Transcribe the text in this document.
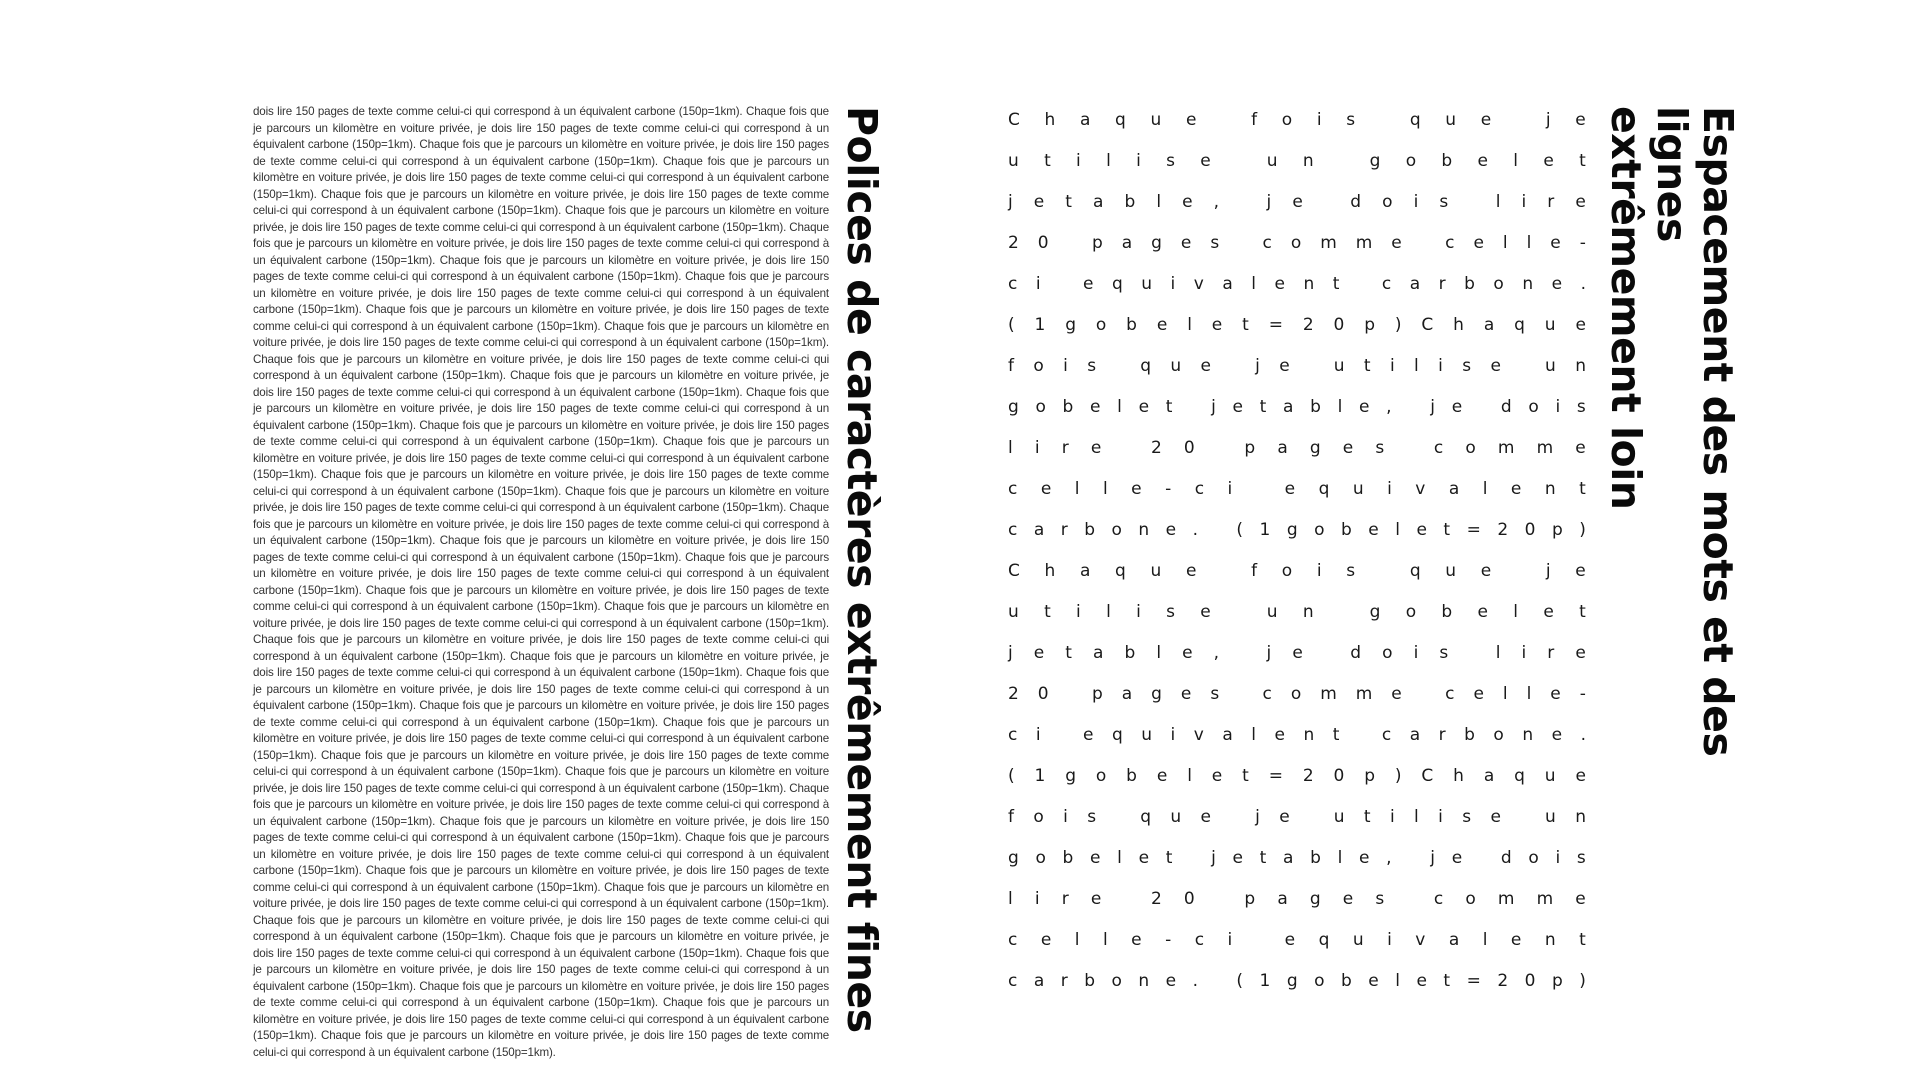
dois lire 150 pages de texte comme celui-ci qui correspond à un équivalent carbone (150p=1km). Chaque fois que je parcours un kilomètre en voiture privée, je dois lire 150 pages de texte comme celui-ci qui correspond à un équivalent carbone (150p=1km). Chaque fois que je parcours un kilomètre en voiture privée, je dois lire 150 pages de texte comme celui-ci qui correspond à un équivalent carbone (150p=1km). Chaque fois que je parcours un kilomètre en voiture privée, je dois lire 150 pages de texte comme celui-ci qui correspond à un équivalent carbone (150p=1km). Chaque fois que je parcours un kilomètre en voiture privée, je dois lire 150 pages de texte comme celui-ci qui correspond à un équivalent carbone (150p=1km). Chaque fois que je parcours un kilomètre en voiture privée, je dois lire 150 pages de texte comme celui-ci qui correspond à un équivalent carbone (150p=1km). Chaque fois que je parcours un kilomètre en voiture privée, je dois lire 150 pages de texte comme celui-ci qui correspond à un équivalent carbone (150p=1km). Chaque fois que je parcours un kilomètre en voiture privée, je dois lire 150 pages de texte comme celui-ci qui correspond à un équivalent carbone (150p=1km). Chaque fois que je parcours un kilomètre en voiture privée, je dois lire 150 pages de texte comme celui-ci qui correspond à un équivalent carbone (150p=1km). Chaque fois que je parcours un kilomètre en voiture privée, je dois lire 150 pages de texte comme celui-ci qui correspond à un équivalent carbone (150p=1km). Chaque fois que je parcours un kilomètre en voiture privée, je dois lire 150 pages de texte comme celui-ci qui correspond à un équivalent carbone (150p=1km). Chaque fois que je parcours un kilomètre en voiture privée, je dois lire 150 pages de texte comme celui-ci qui correspond à un équivalent carbone (150p=1km). Chaque fois que je parcours un kilomètre en voiture privée, je dois lire 150 pages de texte comme celui-ci qui correspond à un équivalent carbone (150p=1km). Chaque fois que je parcours un kilomètre en voiture privée, je dois lire 150 pages de texte comme celui-ci qui correspond à un équivalent carbone (150p=1km). Chaque fois que je parcours un kilomètre en voiture privée, je dois lire 150 pages de texte comme celui-ci qui correspond à un équivalent carbone (150p=1km). Chaque fois que je parcours un kilomètre en voiture privée, je dois lire 150 pages de texte comme celui-ci qui correspond à un équivalent carbone (150p=1km). Chaque fois que je parcours un kilomètre en voiture privée, je dois lire 150 pages de texte comme celui-ci qui correspond à un équivalent carbone (150p=1km). Chaque fois que je parcours un kilomètre en voiture privée, je dois lire 150 pages de texte comme celui-ci qui correspond à un équivalent carbone (150p=1km). Chaque fois que je parcours un kilomètre en voiture privée, je dois lire 150 pages de texte comme celui-ci qui correspond à un équivalent carbone (150p=1km). Chaque fois que je parcours un kilomètre en voiture privée, je dois lire 150 pages de texte comme celui-ci qui correspond à un équivalent carbone (150p=1km). Chaque fois que je parcours un kilomètre en voiture privée, je dois lire 150 pages de texte comme celui-ci qui correspond à un équivalent carbone (150p=1km). Chaque fois que je parcours un kilomètre en voiture privée, je dois lire 150 pages de texte comme celui-ci qui correspond à un équivalent carbone (150p=1km). Chaque fois que je parcours un kilomètre en voiture privée, je dois lire 150 pages de texte comme celui-ci qui correspond à un équivalent carbone (150p=1km). Chaque fois que je parcours un kilomètre en voiture privée, je dois lire 150 pages de texte comme celui-ci qui correspond à un équivalent carbone (150p=1km). Chaque fois que je parcours un kilomètre en voiture privée, je dois lire 150 pages de texte comme celui-ci qui correspond à un équivalent carbone (150p=1km). Chaque fois que je parcours un kilomètre en voiture privée, je dois lire 150 pages de texte comme celui-ci qui correspond à un équivalent carbone (150p=1km). Chaque fois que je parcours un kilomètre en voiture privée, je dois lire 150 pages de texte comme celui-ci qui correspond à un équivalent carbone (150p=1km). Chaque fois que je parcours un kilomètre en voiture privée, je dois lire 150 pages de texte comme celui-ci qui correspond à un équivalent carbone (150p=1km). Chaque fois que je parcours un kilomètre en voiture privée, je dois lire 150 pages de texte comme celui-ci qui correspond à un équivalent carbone (150p=1km). Chaque fois que je parcours un kilomètre en voiture privée, je dois lire 150 pages de texte comme celui-ci qui correspond à un équivalent carbone (150p=1km). Chaque fois que je parcours un kilomètre en voiture privée, je dois lire 150 pages de texte comme celui-ci qui correspond à un équivalent carbone (150p=1km). Chaque fois que je parcours un kilomètre en voiture privée, je dois lire 150 pages de texte comme celui-ci qui correspond à un équivalent carbone (150p=1km). Chaque fois que je parcours un kilomètre en voiture privée, je dois lire 150 pages de texte comme celui-ci qui correspond à un équivalent carbone (150p=1km). Chaque fois que je parcours un kilomètre en voiture privée, je dois lire 150 pages de texte comme celui-ci qui correspond à un équivalent carbone (150p=1km). Chaque fois que je parcours un kilomètre en voiture privée, je dois lire 150 pages de texte comme celui-ci qui correspond à un équivalent carbone (150p=1km). Chaque fois que je parcours un kilomètre en voiture privée, je dois lire 150 pages de texte comme celui-ci qui correspond à un équivalent carbone (150p=1km). Chaque fois que je parcours un kilomètre en voiture privée, je dois lire 150 pages de texte comme celui-ci qui correspond à un équivalent carbone (150p=1km). Chaque fois que je parcours un kilomètre en voiture privée, je dois lire 150 pages de texte comme celui-ci qui correspond à un équivalent carbone (150p=1km). Chaque fois que je parcours un kilomètre en voiture privée, je dois lire 150 pages de texte comme celui-ci qui correspond à un équivalent carbone (150p=1km). Chaque fois que je parcours un kilomètre en voiture privée, je dois lire 150 pages de texte comme celui-ci qui correspond à un équivalent carbone (150p=1km). Chaque fois que je parcours un kilomètre en voiture privée, je dois lire 150 pages de texte comme celui-ci qui correspond à un équivalent carbone (150p=1km).
Polices de caractères extrêmement fines	C h a q u e
	f o i s
	q u e
	j e
u t i l i s e
	u n
	g o b e l e t
j e t a b l e ,
	j e
	d o i s
	l i r e
2 0
	p a g e s
	c o m m e
	c e l l e -
c i
e q u i v a l e n t
c a r b o n e .
( 1 g o b e l e t = 2 0 p ) C h a q u e
f o i s
	q u e
	j e
	u t i l i s e
	u n
g o b e l e t
j e t a b l e ,
j e
d o i s
l i r e
	2 0
	p a g e s
	c o m m e
c e l l e - c i
	e q u i v a l e n t
c a r b o n e .
( 1 g o b e l e t = 2 0 p )
C h a q u e
	f o i s
	q u e
	j e
u t i l i s e
	u n
	g o b e l e t
j e t a b l e ,
	j e
	d o i s
	l i r e
2 0
	p a g e s
	c o m m e
	c e l l e -
c i
e q u i v a l e n t
c a r b o n e .
( 1 g o b e l e t = 2 0 p ) C h a q u e
f o i s
	q u e
	j e
	u t i l i s e
	u n
g o b e l e t
j e t a b l e ,
j e
d o i s
l i r e
	2 0
	p a g e s
	c o m m e
c e l l e - c i
	e q u i v a l e n t
c a r b o n e .
( 1 g o b e l e t = 2 0 p )
Espacement des mots et des lignes
extrêmement loin
